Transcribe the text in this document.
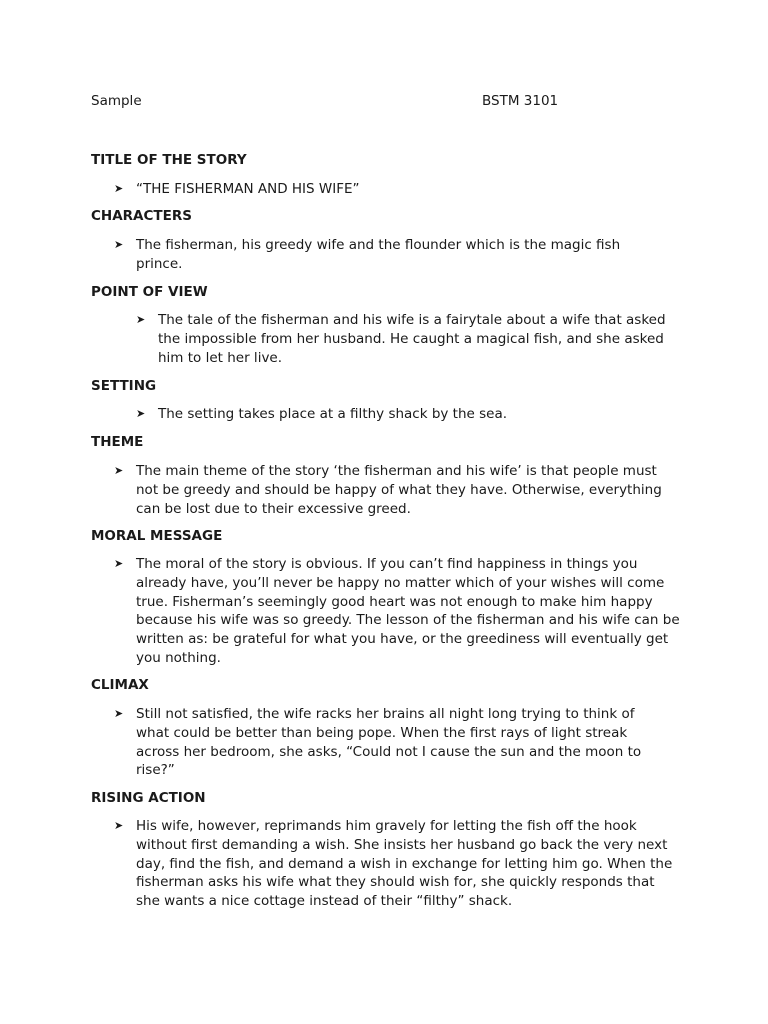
Sample	BSTM 3101
TITLE OF THE STORY
➤ “THE FISHERMAN AND HIS WIFE”
CHARACTERS
➤ The fisherman, his greedy wife and the flounder which is the magic fish prince.
POINT OF VIEW
➤ The tale of the fisherman and his wife is a fairytale about a wife that asked the impossible from her husband. He caught a magical fish, and she asked him to let her live.
SETTING
➤ The setting takes place at a filthy shack by the sea.
THEME
➤ The main theme of the story ‘the fisherman and his wife’ is that people must not be greedy and should be happy of what they have. Otherwise, everything can be lost due to their excessive greed.
MORAL MESSAGE
➤ The moral of the story is obvious. If you can’t find happiness in things you already have, you’ll never be happy no matter which of your wishes will come true. Fisherman’s seemingly good heart was not enough to make him happy because his wife was so greedy. The lesson of the fisherman and his wife can be written as: be grateful for what you have, or the greediness will eventually get you nothing.
CLIMAX
➤ Still not satisfied, the wife racks her brains all night long trying to think of what could be better than being pope. When the first rays of light streak across her bedroom, she asks, “Could not I cause the sun and the moon to rise?”
RISING ACTION
➤ His wife, however, reprimands him gravely for letting the fish off the hook without first demanding a wish. She insists her husband go back the very next day, find the fish, and demand a wish in exchange for letting him go. When the fisherman asks his wife what they should wish for, she quickly responds that she wants a nice cottage instead of their “filthy” shack.
